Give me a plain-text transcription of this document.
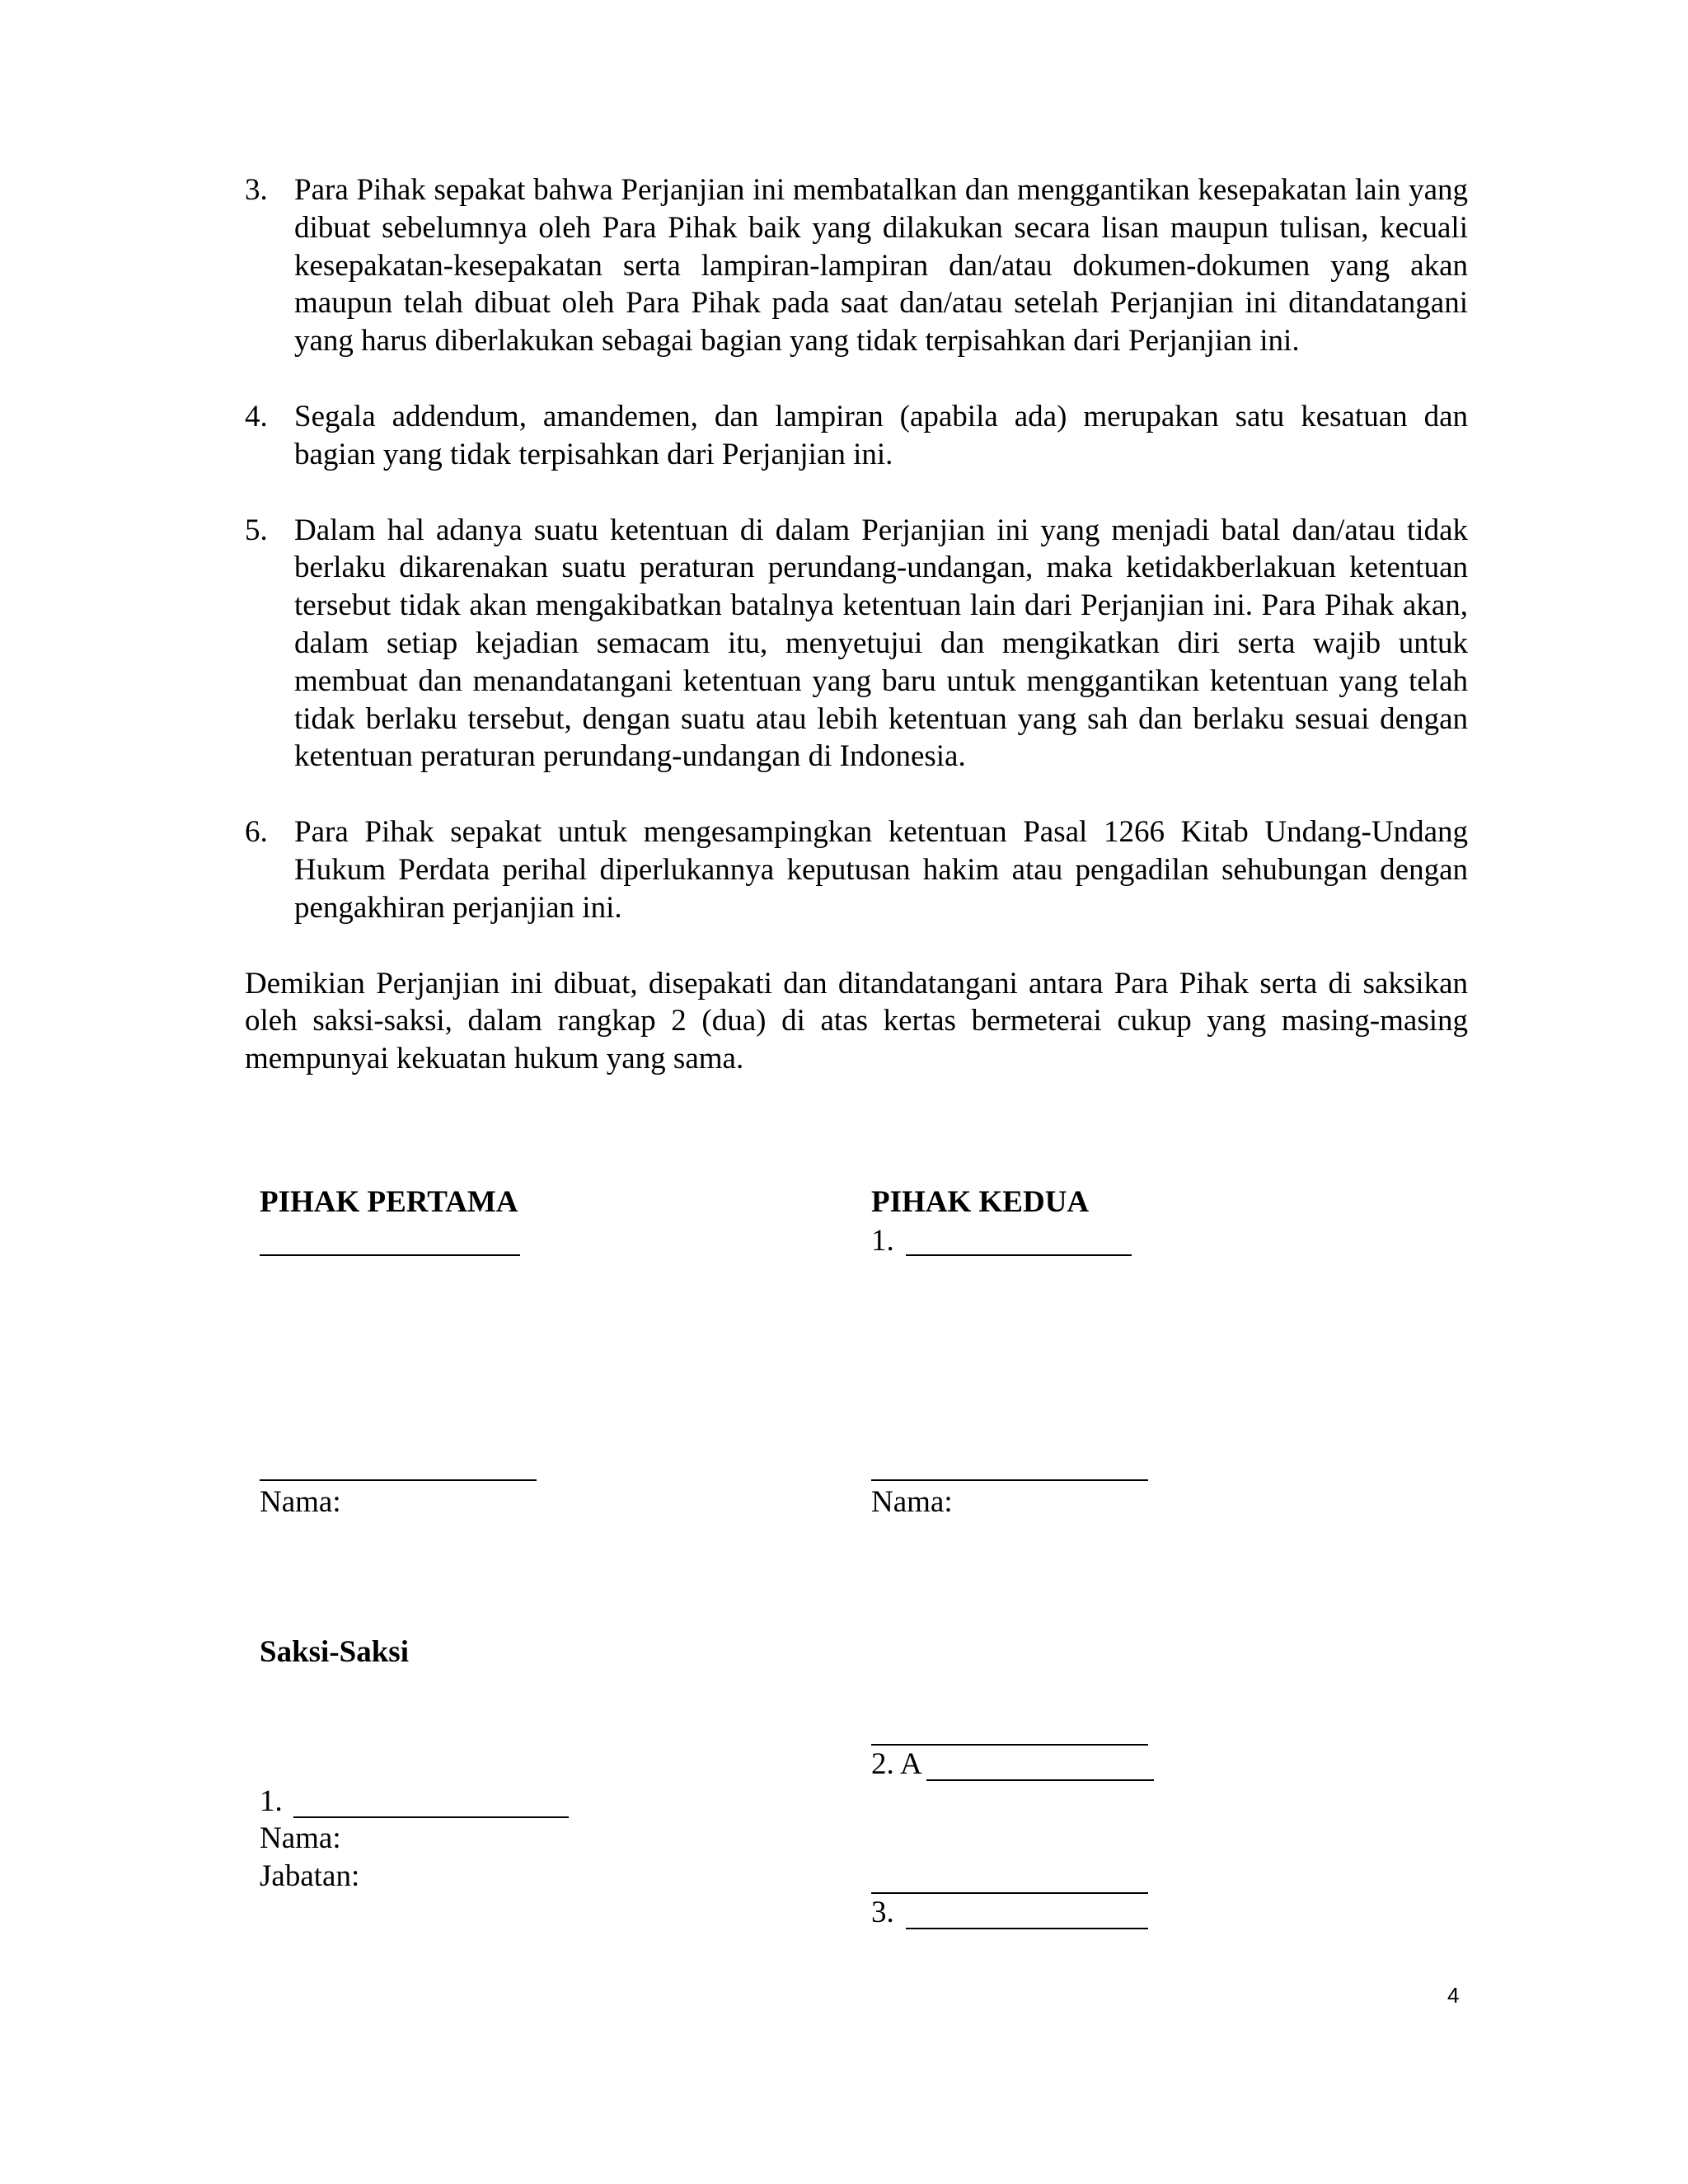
3. Para Pihak sepakat bahwa Perjanjian ini membatalkan dan menggantikan kesepakatan lain yang dibuat sebelumnya oleh Para Pihak baik yang dilakukan secara lisan maupun tulisan, kecuali kesepakatan-kesepakatan serta lampiran-lampiran dan/atau dokumen-dokumen yang akan maupun telah dibuat oleh Para Pihak pada saat dan/atau setelah Perjanjian ini ditandatangani yang harus diberlakukan sebagai bagian yang tidak terpisahkan dari Perjanjian ini.
4. Segala addendum, amandemen, dan lampiran (apabila ada) merupakan satu kesatuan dan bagian yang tidak terpisahkan dari Perjanjian ini.
5. Dalam hal adanya suatu ketentuan di dalam Perjanjian ini yang menjadi batal dan/atau tidak berlaku dikarenakan suatu peraturan perundang-undangan, maka ketidakberlakuan ketentuan tersebut tidak akan mengakibatkan batalnya ketentuan lain dari Perjanjian ini. Para Pihak akan, dalam setiap kejadian semacam itu, menyetujui dan mengikatkan diri serta wajib untuk membuat dan menandatangani ketentuan yang baru untuk menggantikan ketentuan yang telah tidak berlaku tersebut, dengan suatu atau lebih ketentuan yang sah dan berlaku sesuai dengan ketentuan peraturan perundang-undangan di Indonesia.
6. Para Pihak sepakat untuk mengesampingkan ketentuan Pasal 1266 Kitab Undang-Undang Hukum Perdata perihal diperlukannya keputusan hakim atau pengadilan sehubungan dengan pengakhiran perjanjian ini.
Demikian Perjanjian ini dibuat, disepakati dan ditandatangani antara Para Pihak serta di saksikan oleh saksi-saksi, dalam rangkap 2 (dua) di atas kertas bermeterai cukup yang masing-masing mempunyai kekuatan hukum yang sama.
PIHAK PERTAMA
Nama:
PIHAK KEDUA
1.
Nama:
Saksi-Saksi
2. A
1.
Nama:
Jabatan:
3.
4
